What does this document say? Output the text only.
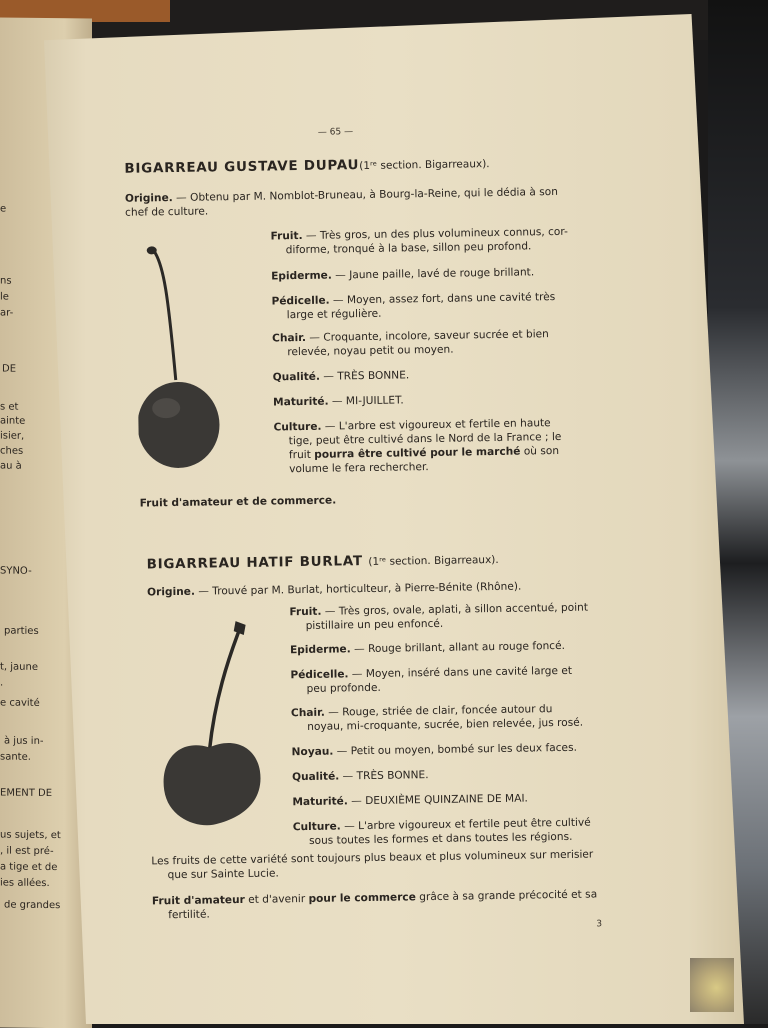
e
ns
le
ar-
DE
s et
ainte
isier,
ches
au à
SYNO-
parties
t, jaune
.
e cavité
à jus in-
sante.
EMENT DE
us sujets, et
, il est pré-
a tige et de
ies allées.
de grandes
— 65 —
BIGARREAU GUSTAVE DUPAU(1ʳᵉ section. Bigarreaux).
Origine. — Obtenu par M. Nomblot-Bruneau, à Bourg-la-Reine, qui le dédia à son
chef de culture.
Fruit. — Très gros, un des plus volumineux connus, cor-
diforme, tronqué à la base, sillon peu profond.
Epiderme. — Jaune paille, lavé de rouge brillant.
Pédicelle. — Moyen, assez fort, dans une cavité très
large et régulière.
Chair. — Croquante, incolore, saveur sucrée et bien
relevée, noyau petit ou moyen.
Qualité. — TRÈS BONNE.
Maturité. — MI-JUILLET.
Culture. — L'arbre est vigoureux et fertile en haute
tige, peut être cultivé dans le Nord de la France ; le
fruit pourra être cultivé pour le marché où son
volume le fera rechercher.
Fruit d'amateur et de commerce.
BIGARREAU HATIF BURLAT (1ʳᵉ section. Bigarreaux).
Origine. — Trouvé par M. Burlat, horticulteur, à Pierre-Bénite (Rhône).
Fruit. — Très gros, ovale, aplati, à sillon accentué, point
pistillaire un peu enfoncé.
Epiderme. — Rouge brillant, allant au rouge foncé.
Pédicelle. — Moyen, inséré dans une cavité large et
peu profonde.
Chair. — Rouge, striée de clair, foncée autour du
noyau, mi-croquante, sucrée, bien relevée, jus rosé.
Noyau. — Petit ou moyen, bombé sur les deux faces.
Qualité. — TRÈS BONNE.
Maturité. — DEUXIÈME QUINZAINE DE MAI.
Culture. — L'arbre vigoureux et fertile peut être cultivé
sous toutes les formes et dans toutes les régions.
Les fruits de cette variété sont toujours plus beaux et plus volumineux sur merisier
que sur Sainte Lucie.
Fruit d'amateur et d'avenir pour le commerce grâce à sa grande précocité et sa
fertilité.
3
